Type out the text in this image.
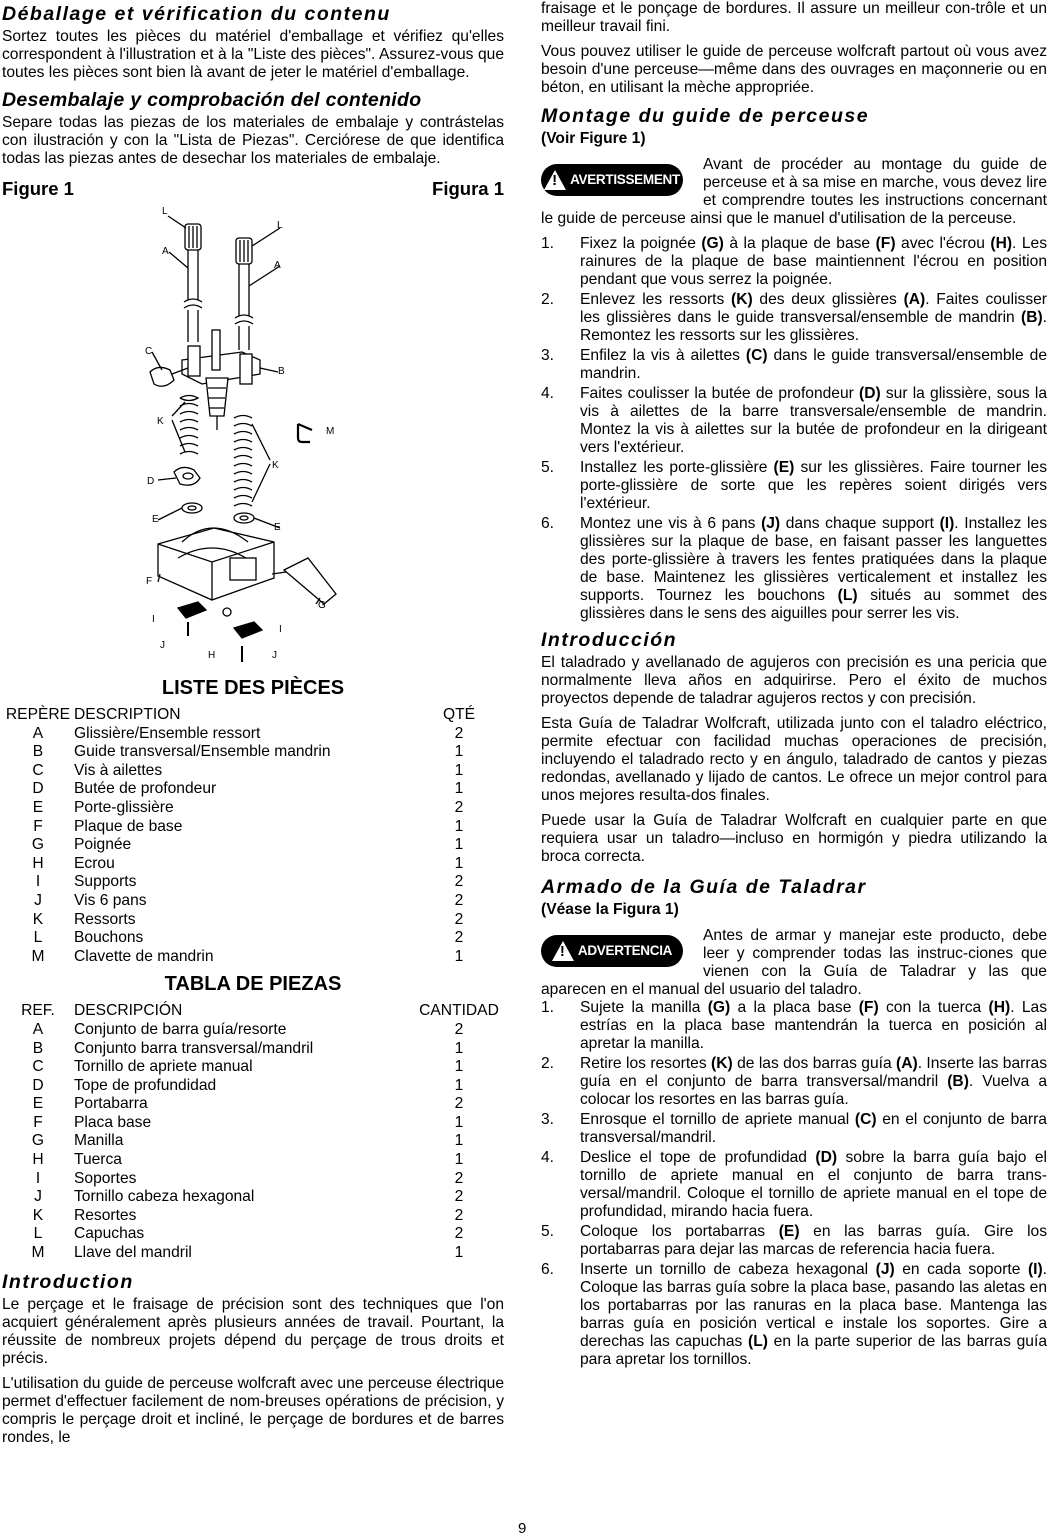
Déballage et vérification du contenu

Sortez toutes les pièces du matériel d'emballage et vérifiez qu'elles correspondent à l'illustration et à la "Liste des pièces". Assurez-vous que toutes les pièces sont bien là avant de jeter le matériel d'emballage.

Desembalaje y comprobación del contenido

Separe todas las piezas de los materiales de embalaje y contrástelas con ilustración y con la "Lista de Piezas". Cerciórese de que identifica todas las piezas antes de desechar los materiales de embalaje.

Figure 1	Figura 1
L
L
A
A
C
B
K
M
D
K
E
E
F
G
I
I
J
H	J
LISTE DES PIÈCES
REPÈRE	DESCRIPTION	QTÉ
A	Glissière/Ensemble ressort	2
B	Guide transversal/Ensemble mandrin	1
C	Vis à ailettes	1
D	Butée de profondeur	1
E	Porte-glissière	2
F	Plaque de base	1
G	Poignée	1
H	Ecrou	1
I	Supports	2
J	Vis 6 pans	2
K	Ressorts	2
L	Bouchons	2
M	Clavette de mandrin	1
TABLA DE PIEZAS
REF.	DESCRIPCIÓN	CANTIDAD
A	Conjunto de barra guía/resorte	2
B	Conjunto barra transversal/mandril	1
C	Tornillo de apriete manual	1
D	Tope de profundidad	1
E	Portabarra	2
F	Placa base	1
G	Manilla	1
H	Tuerca	1
I	Soportes	2
J	Tornillo cabeza hexagonal	2
K	Resortes	2
L	Capuchas	2
M	Llave del mandril	1
Introduction

Le perçage et le fraisage de précision sont des techniques que l'on acquiert généralement après plusieurs années de travail. Pourtant, la réussite de nombreux projets dépend du perçage de trous droits et précis.

L'utilisation du guide de perceuse wolfcraft avec une perceuse électrique permet d'effectuer facilement de nom-breuses opérations de précision, y compris le perçage droit et incliné, le perçage de bordures et de barres rondes, le

fraisage et le ponçage de bordures. Il assure un meilleur con-trôle et un meilleur travail fini.

Vous pouvez utiliser le guide de perceuse wolfcraft partout où vous avez besoin d'une perceuse—même dans des ouvrages en maçonnerie ou en béton, en utilisant la mèche appropriée.

Montage du guide de perceuse
(Voir Figure 1)
! AVERTISSEMENT

Avant de procéder au montage du guide de perceuse et à sa mise en marche, vous devez lire et comprendre toutes les instructions concernant le guide de perceuse ainsi que le manuel d'utilisation de la perceuse.

1.	Fixez la poignée (G) à la plaque de base (F) avec l'écrou (H). Les rainures de la plaque de base maintiennent l'écrou en position pendant que vous serrez la poignée.
2.	Enlevez les ressorts (K) des deux glissières (A). Faites coulisser les glissières dans le guide transversal/ensemble de mandrin (B). Remontez les ressorts sur les glissières.
3.	Enfilez la vis à ailettes (C) dans le guide transversal/ensemble de mandrin.
4.	Faites coulisser la butée de profondeur (D) sur la glissière, sous la vis à ailettes de la barre transversale/ensemble de mandrin. Montez la vis à ailettes sur la butée de profondeur en la dirigeant vers l'extérieur.
5.	Installez les porte-glissière (E) sur les glissières. Faire tourner les porte-glissière de sorte que les repères soient dirigés vers l'extérieur.
6.	Montez une vis à 6 pans (J) dans chaque support (I). Installez les glissières sur la plaque de base, en faisant passer les languettes des porte-glissière à travers les fentes pratiquées dans la plaque de base. Maintenez les glissières verticalement et installez les supports. Tournez les bouchons (L) situés au sommet des glissières dans le sens des aiguilles pour serrer les vis.
Introducción

El taladrado y avellanado de agujeros con precisión es una pericia que normalmente lleva años en adquirirse. Pero el éxito de muchos proyectos depende de taladrar agujeros rectos y con precisión.

Esta Guía de Taladrar Wolfcraft, utilizada junto con el taladro eléctrico, permite efectuar con facilidad muchas operaciones de precisión, incluyendo el taladrado recto y en ángulo, taladrado de cantos y piezas redondas, avellanado y lijado de cantos. Le ofrece un mejor control para unos mejores resulta-dos finales.

Puede usar la Guía de Taladrar Wolfcraft en cualquier parte en que requiera usar un taladro—incluso en hormigón y piedra utilizando la broca correcta.

Armado de la Guía de Taladrar
(Véase la Figura 1)
! ADVERTENCIA

Antes de armar y manejar este producto, debe leer y comprender todas las instruc-ciones que vienen con la Guía de Taladrar y las que aparecen en el manual del usuario del taladro.

1.	Sujete la manilla (G) a la placa base (F) con la tuerca (H). Las estrías en la placa base mantendrán la tuerca en posición al apretar la manilla.
2.	Retire los resortes (K) de las dos barras guía (A). Inserte las barras guía en el conjunto de barra transversal/mandril (B). Vuelva a colocar los resortes en las barras guía.
3.	Enrosque el tornillo de apriete manual (C) en el conjunto de barra transversal/mandril.
4.	Deslice el tope de profundidad (D) sobre la barra guía bajo el tornillo de apriete manual en el conjunto de barra trans-versal/mandril. Coloque el tornillo de apriete manual en el tope de profundidad, mirando hacia fuera.
5.	Coloque los portabarras (E) en las barras guía. Gire los portabarras para dejar las marcas de referencia hacia fuera.
6.	Inserte un tornillo de cabeza hexagonal (J) en cada soporte (I). Coloque las barras guía sobre la placa base, pasando las aletas en los portabarras por las ranuras en la placa base. Mantenga las barras guía en posición vertical e instale los soportes. Gire a derechas las capuchas (L) en la parte superior de las barras guía para apretar los tornillos.
9
